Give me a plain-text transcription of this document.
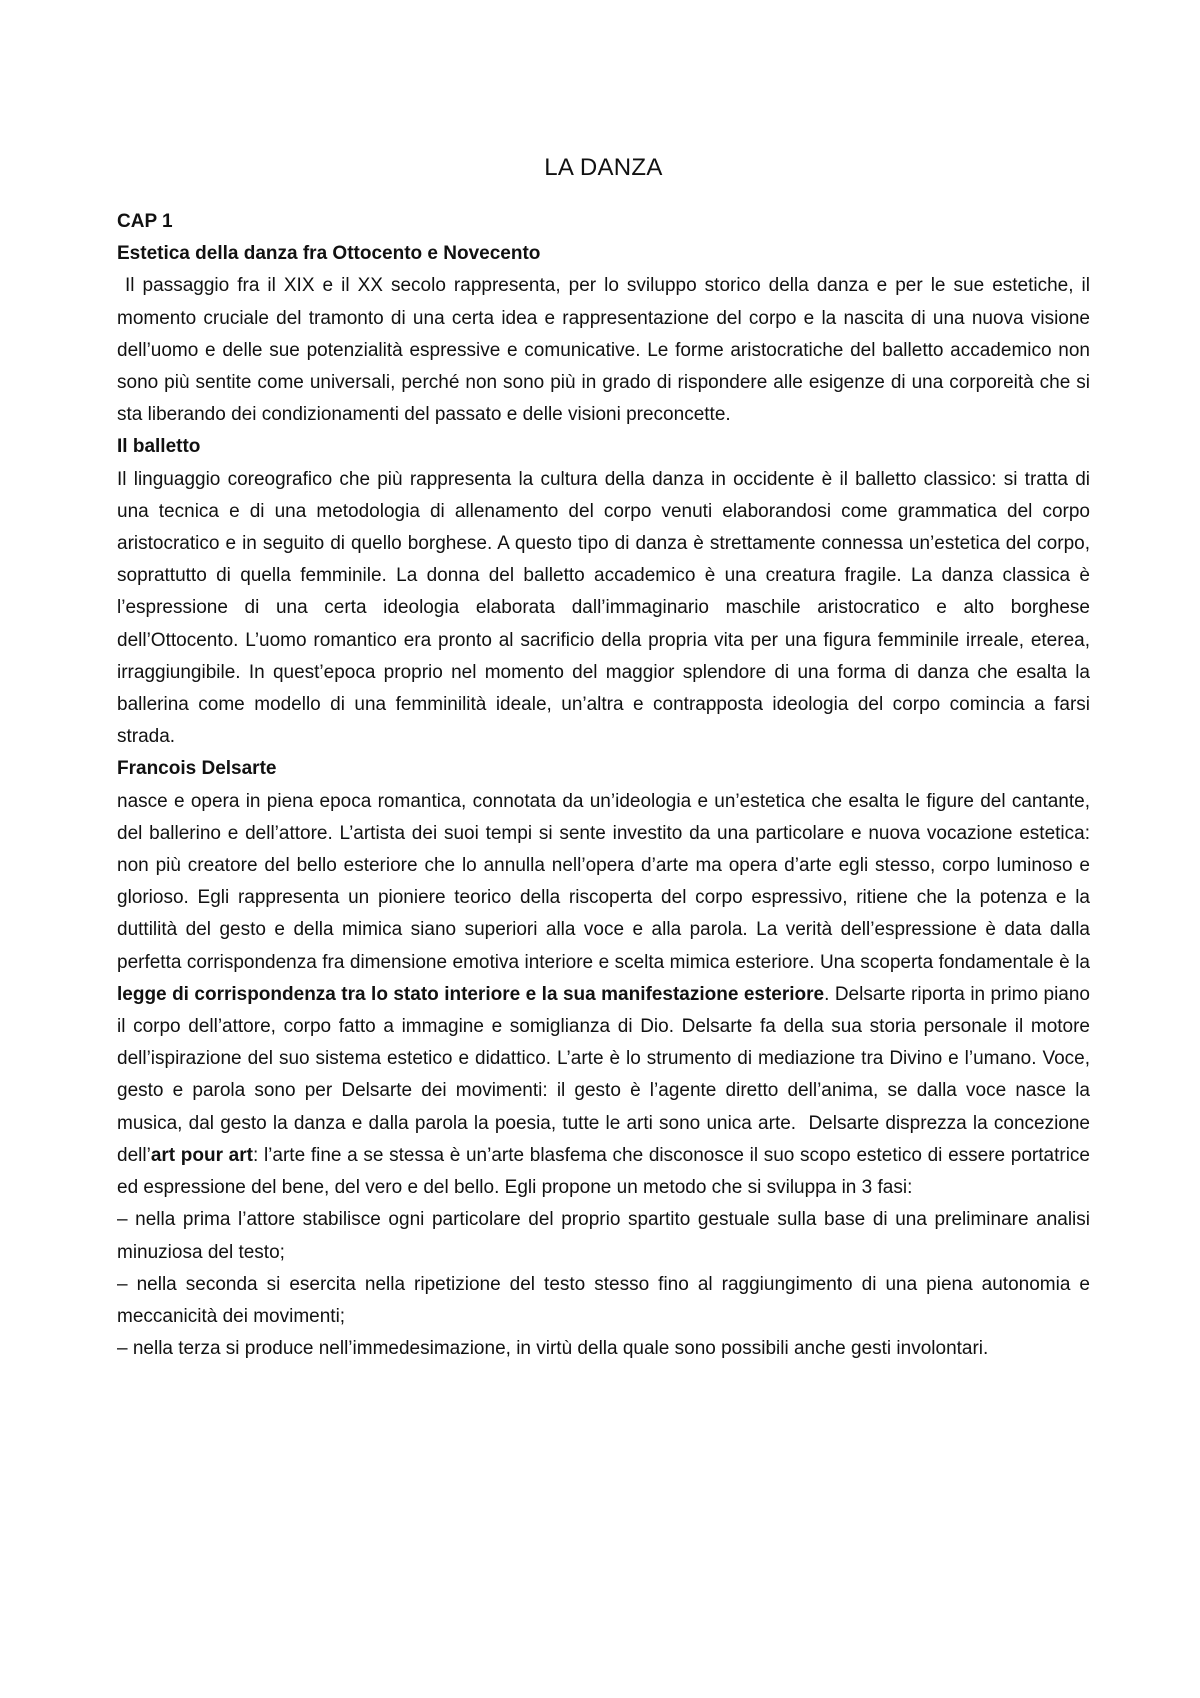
LA DANZA

CAP 1

Estetica della danza fra Ottocento e Novecento

Il passaggio fra il XIX e il XX secolo rappresenta, per lo sviluppo storico della danza e per le sue estetiche, il momento cruciale del tramonto di una certa idea e rappresentazione del corpo e la nascita di una nuova visione dell’uomo e delle sue potenzialità espressive e comunicative. Le forme aristocratiche del balletto accademico non sono più sentite come universali, perché non sono più in grado di rispondere alle esigenze di una corporeità che si sta liberando dei condizionamenti del passato e delle visioni preconcette.

Il balletto

Il linguaggio coreografico che più rappresenta la cultura della danza in occidente è il balletto classico: si tratta di una tecnica e di una metodologia di allenamento del corpo venuti elaborandosi come grammatica del corpo aristocratico e in seguito di quello borghese. A questo tipo di danza è strettamente connessa un’estetica del corpo, soprattutto di quella femminile. La donna del balletto accademico è una creatura fragile. La danza classica è l’espressione di una certa ideologia elaborata dall’immaginario maschile aristocratico e alto borghese dell’Ottocento. L’uomo romantico era pronto al sacrificio della propria vita per una figura femminile irreale, eterea, irraggiungibile. In quest’epoca proprio nel momento del maggior splendore di una forma di danza che esalta la ballerina come modello di una femminilità ideale, un’altra e contrapposta ideologia del corpo comincia a farsi strada.

Francois Delsarte

nasce e opera in piena epoca romantica, connotata da un’ideologia e un’estetica che esalta le figure del cantante, del ballerino e dell’attore. L’artista dei suoi tempi si sente investito da una particolare e nuova vocazione estetica: non più creatore del bello esteriore che lo annulla nell’opera d’arte ma opera d’arte egli stesso, corpo luminoso e glorioso. Egli rappresenta un pioniere teorico della riscoperta del corpo espressivo, ritiene che la potenza e la duttilità del gesto e della mimica siano superiori alla voce e alla parola. La verità dell’espressione è data dalla perfetta corrispondenza fra dimensione emotiva interiore e scelta mimica esteriore. Una scoperta fondamentale è la legge di corrispondenza tra lo stato interiore e la sua manifestazione esteriore. Delsarte riporta in primo piano il corpo dell’attore, corpo fatto a immagine e somiglianza di Dio. Delsarte fa della sua storia personale il motore dell’ispirazione del suo sistema estetico e didattico. L’arte è lo strumento di mediazione tra Divino e l’umano. Voce, gesto e parola sono per Delsarte dei movimenti: il gesto è l’agente diretto dell’anima, se dalla voce nasce la musica, dal gesto la danza e dalla parola la poesia, tutte le arti sono unica arte.  Delsarte disprezza la concezione dell’art pour art: l’arte fine a se stessa è un’arte blasfema che disconosce il suo scopo estetico di essere portatrice ed espressione del bene, del vero e del bello. Egli propone un metodo che si sviluppa in 3 fasi:

– nella prima l’attore stabilisce ogni particolare del proprio spartito gestuale sulla base di una preliminare analisi minuziosa del testo;

– nella seconda si esercita nella ripetizione del testo stesso fino al raggiungimento di una piena autonomia e meccanicità dei movimenti;

– nella terza si produce nell’immedesimazione, in virtù della quale sono possibili anche gesti involontari.
